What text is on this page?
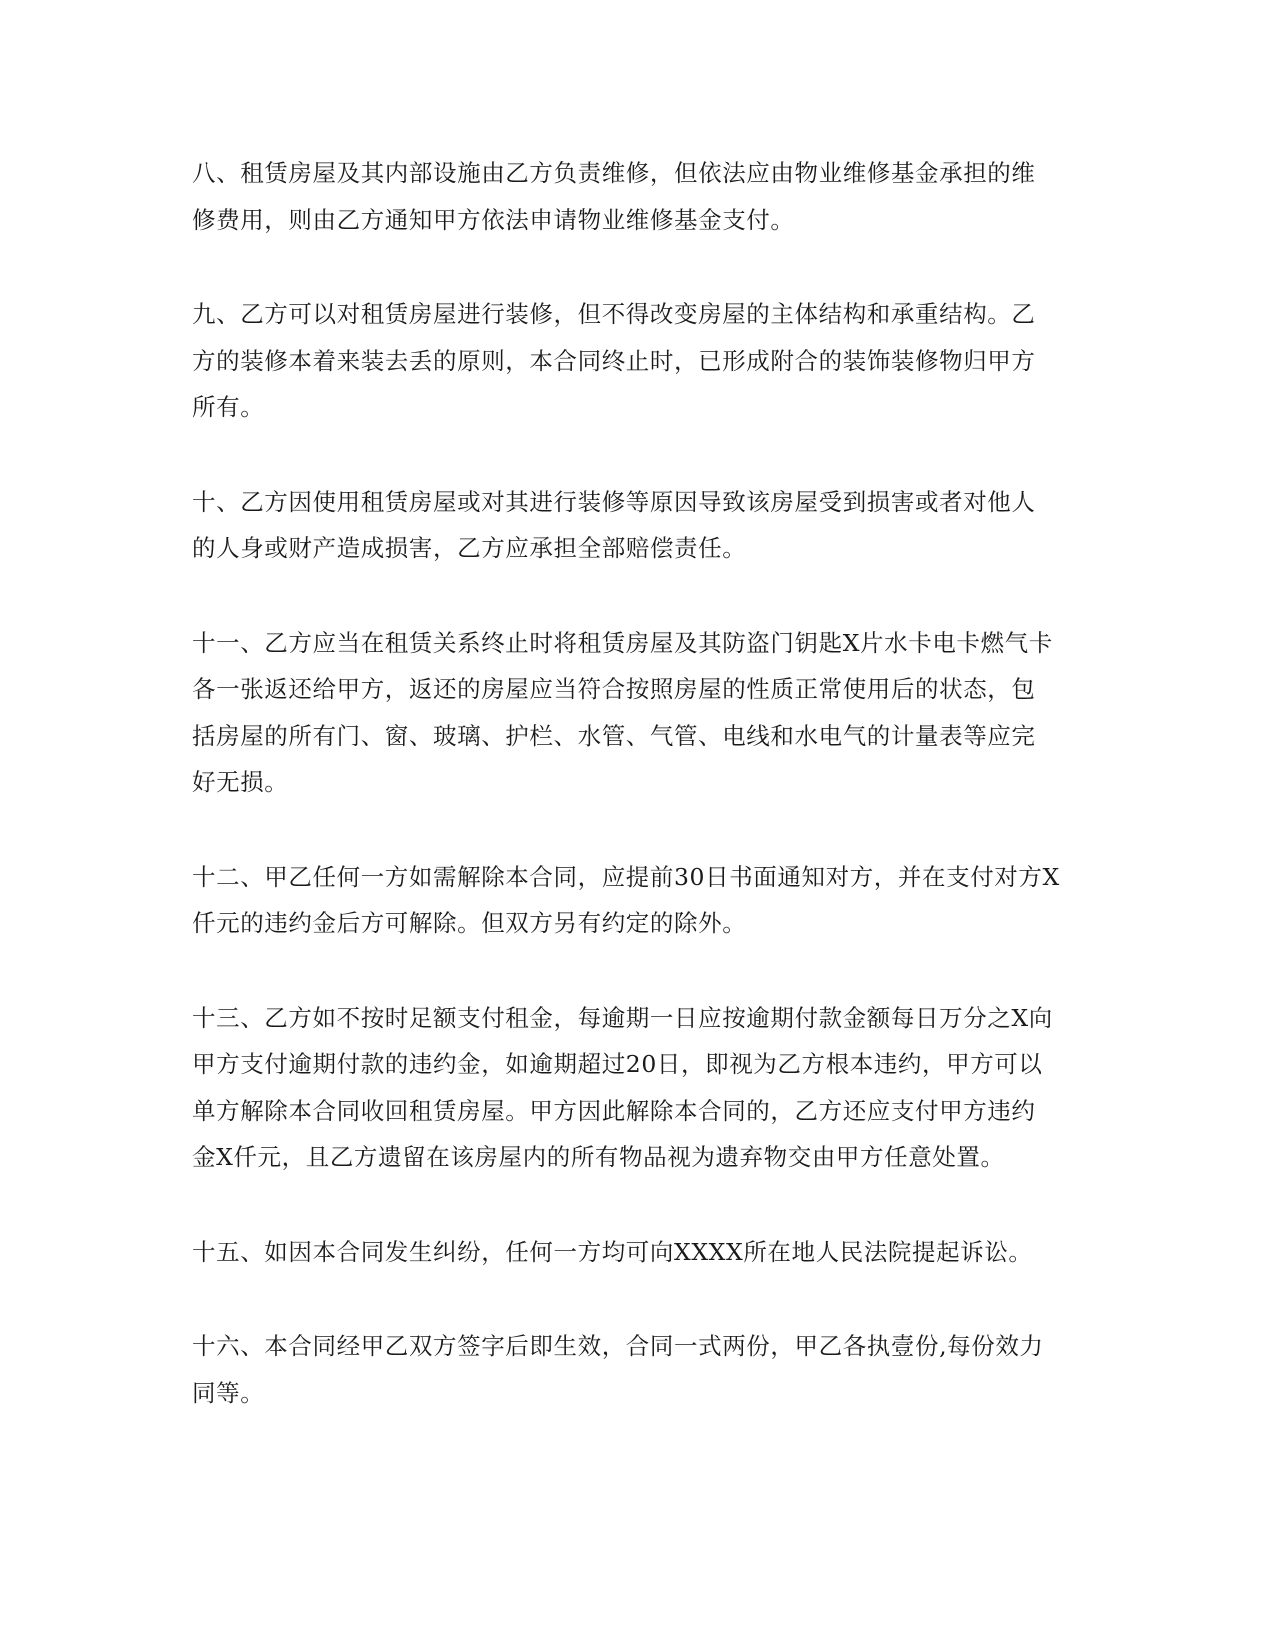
八、租赁房屋及其内部设施由乙方负责维修，但依法应由物业维修基金承担的维
修费用，则由乙方通知甲方依法申请物业维修基金支付。

九、乙方可以对租赁房屋进行装修，但不得改变房屋的主体结构和承重结构。乙
方的装修本着来装去丢的原则，本合同终止时，已形成附合的装饰装修物归甲方
所有。

十、乙方因使用租赁房屋或对其进行装修等原因导致该房屋受到损害或者对他人
的人身或财产造成损害，乙方应承担全部赔偿责任。

十一、乙方应当在租赁关系终止时将租赁房屋及其防盗门钥匙X片水卡电卡燃气卡
各一张返还给甲方，返还的房屋应当符合按照房屋的性质正常使用后的状态，包
括房屋的所有门、窗、玻璃、护栏、水管、气管、电线和水电气的计量表等应完
好无损。

十二、甲乙任何一方如需解除本合同，应提前30日书面通知对方，并在支付对方X
仟元的违约金后方可解除。但双方另有约定的除外。

十三、乙方如不按时足额支付租金，每逾期一日应按逾期付款金额每日万分之X向
甲方支付逾期付款的违约金，如逾期超过20日，即视为乙方根本违约，甲方可以
单方解除本合同收回租赁房屋。甲方因此解除本合同的，乙方还应支付甲方违约
金X仟元，且乙方遗留在该房屋内的所有物品视为遗弃物交由甲方任意处置。

十五、如因本合同发生纠纷，任何一方均可向XXXX所在地人民法院提起诉讼。

十六、本合同经甲乙双方签字后即生效，合同一式两份，甲乙各执壹份,每份效力
同等。
